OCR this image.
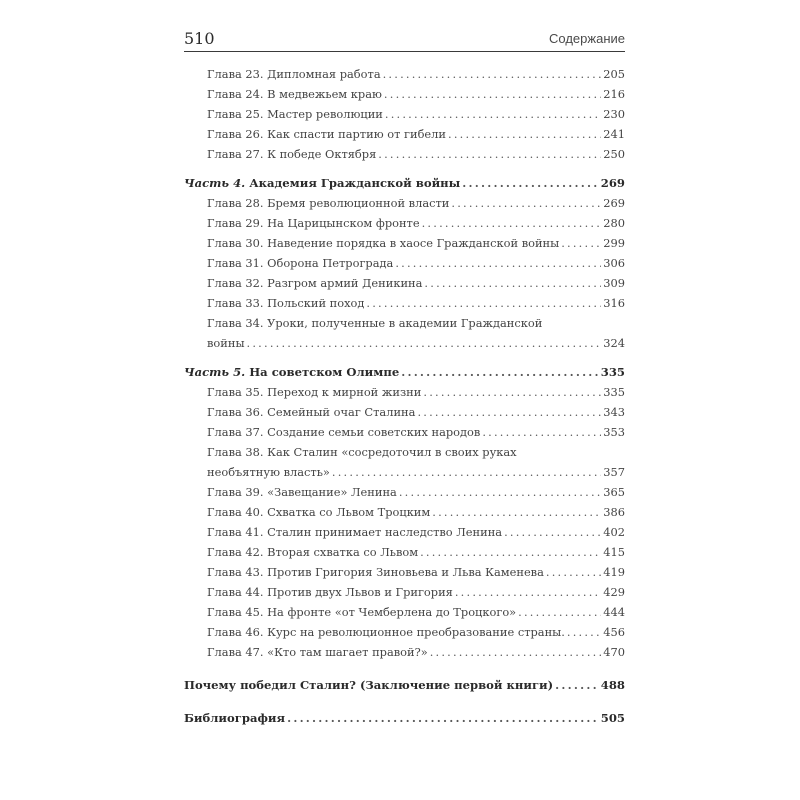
510	Содержание
Глава 23. Дипломная работа .....	205
Глава 24. В медвежьем краю .....	216
Глава 25. Мастер революции .....	230
Глава 26. Как спасти партию от гибели .....	241
Глава 27. К победе Октября .....	250
Часть 4. Академия Гражданской войны .....	269
Глава 28. Бремя революционной власти .....	269
Глава 29. На Царицынском фронте .....	280
Глава 30. Наведение порядка в хаосе Гражданской войны .....	299
Глава 31. Оборона Петрограда .....	306
Глава 32. Разгром армий Деникина .....	309
Глава 33. Польский поход .....	316
Глава 34. Уроки, полученные в академии Гражданской
войны .....	324
Часть 5. На советском Олимпе .....	335
Глава 35. Переход к мирной жизни .....	335
Глава 36. Семейный очаг Сталина .....	343
Глава 37. Создание семьи советских народов .....	353
Глава 38. Как Сталин «сосредоточил в своих руках
необъятную власть» .....	357
Глава 39. «Завещание» Ленина .....	365
Глава 40. Схватка со Львом Троцким .....	386
Глава 41. Сталин принимает наследство Ленина .....	402
Глава 42. Вторая схватка со Львом .....	415
Глава 43. Против Григория Зиновьева и Льва Каменева .....	419
Глава 44. Против двух Львов и Григория .....	429
Глава 45. На фронте «от Чемберлена до Троцкого» .....	444
Глава 46. Курс на революционное преобразование страны. .....	456
Глава 47. «Кто там шагает правой?» .....	470
Почему победил Сталин? (Заключение первой книги) .....	488
Библиография .....	505
